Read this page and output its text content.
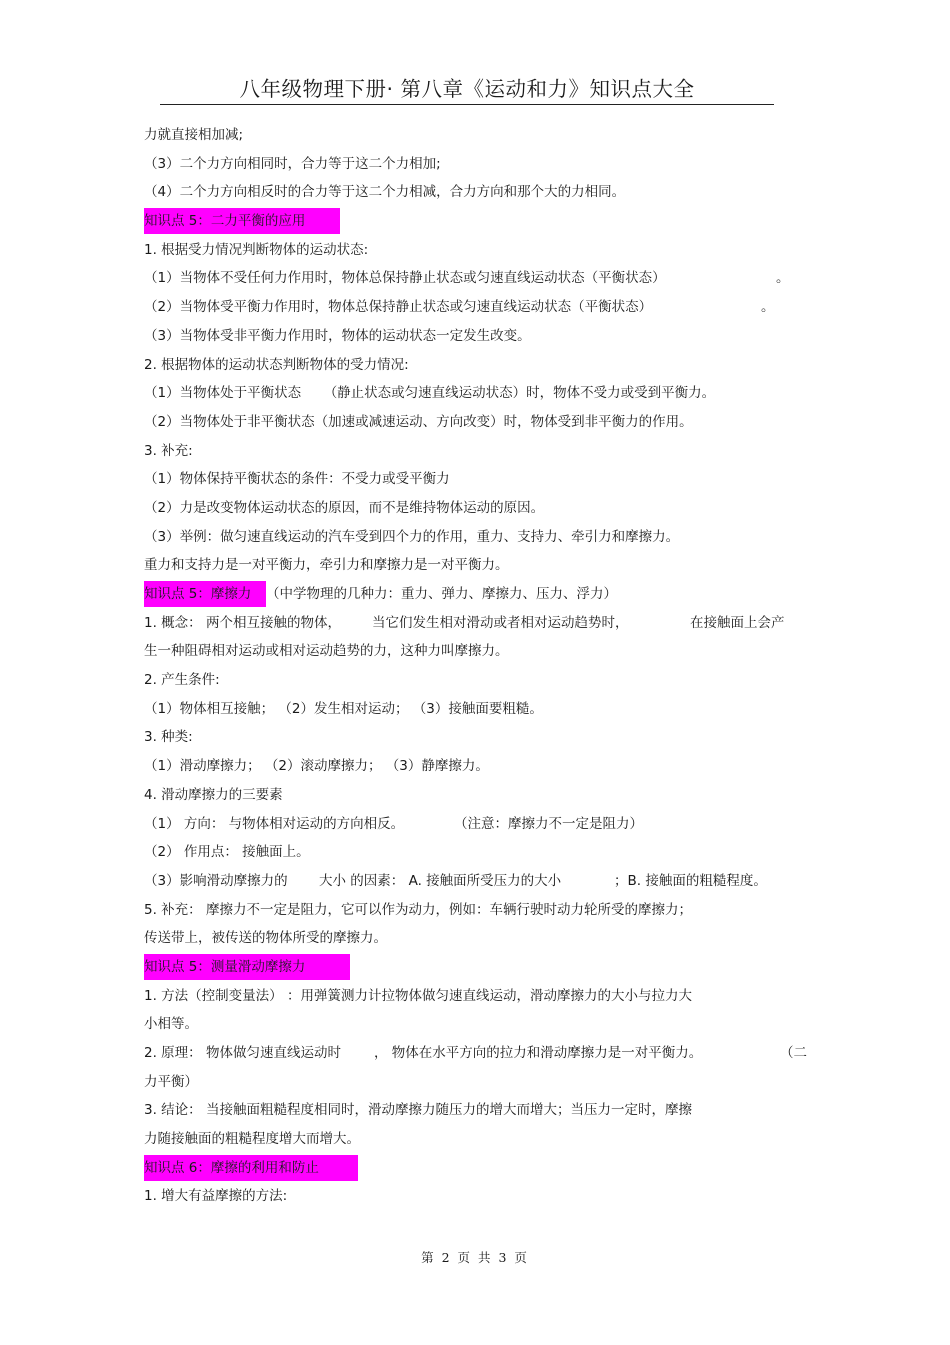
八年级物理下册· 第八章《运动和力》知识点大全
力就直接相加减;
（3）二个力方向相同时，合力等于这二个力相加;
（4）二个力方向相反时的合力等于这二个力相减，合力方向和那个大的力相同。
知识点 5：二力平衡的应用
1. 根据受力情况判断物体的运动状态:
（1）当物体不受任何力作用时，物体总保持静止状态或匀速直线运动状态（平衡状态）	。
（2）当物体受平衡力作用时，物体总保持静止状态或匀速直线运动状态（平衡状态）	。
（3）当物体受非平衡力作用时，物体的运动状态一定发生改变。
2. 根据物体的运动状态判断物体的受力情况:
（1）当物体处于平衡状态 （静止状态或匀速直线运动状态）时，物体不受力或受到平衡力。
（2）当物体处于非平衡状态（加速或减速运动、方向改变）时，物体受到非平衡力的作用。
3. 补充:
（1）物体保持平衡状态的条件：不受力或受平衡力
（2）力是改变物体运动状态的原因，而不是维持物体运动的原因。
（3）举例：做匀速直线运动的汽车受到四个力的作用，重力、支持力、牵引力和摩擦力。
重力和支持力是一对平衡力，牵引力和摩擦力是一对平衡力。
知识点 5：摩擦力 （中学物理的几种力：重力、弹力、摩擦力、压力、浮力）
1. 概念： 两个相互接触的物体， 当它们发生相对滑动或者相对运动趋势时，	在接触面上会产
生一种阻碍相对运动或相对运动趋势的力，这种力叫摩擦力。
2. 产生条件:
（1）物体相互接触； （2）发生相对运动； （3）接触面要粗糙。
3. 种类:
（1）滑动摩擦力； （2）滚动摩擦力； （3）静摩擦力。
4. 滑动摩擦力的三要素
（1） 方向： 与物体相对运动的方向相反。	（注意：摩擦力不一定是阻力）
（2） 作用点： 接触面上。
（3）影响滑动摩擦力的 大小 的因素： A. 接触面所受压力的大小	；B. 接触面的粗糙程度。
5. 补充： 摩擦力不一定是阻力，它可以作为动力，例如：车辆行驶时动力轮所受的摩擦力；
传送带上，被传送的物体所受的摩擦力。
知识点 5：测量滑动摩擦力
1. 方法（控制变量法） ：用弹簧测力计拉物体做匀速直线运动，滑动摩擦力的大小与拉力大
小相等。
2. 原理： 物体做匀速直线运动时 ， 物体在水平方向的拉力和滑动摩擦力是一对平衡力。	（二
力平衡）
3. 结论： 当接触面粗糙程度相同时，滑动摩擦力随压力的增大而增大；当压力一定时，摩擦
力随接触面的粗糙程度增大而增大。
知识点 6：摩擦的利用和防止
1. 增大有益摩擦的方法:
第 2 页 共 3 页
